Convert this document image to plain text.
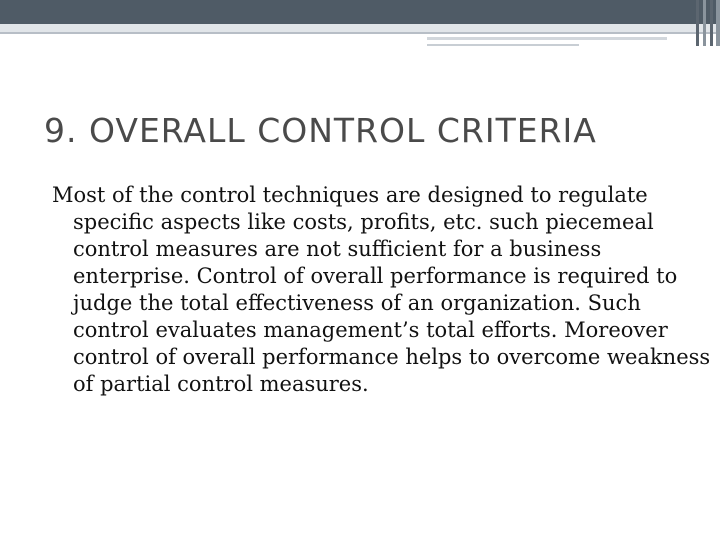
9. OVERALL CONTROL CRITERIA

Most of the control techniques are designed to regulate specific aspects like costs, profits, etc. such piecemeal control measures are not sufficient for a business enterprise. Control of overall performance is required to judge the total effectiveness of an organization. Such control evaluates management’s total efforts. Moreover control of overall performance helps to overcome weakness of partial control measures.
